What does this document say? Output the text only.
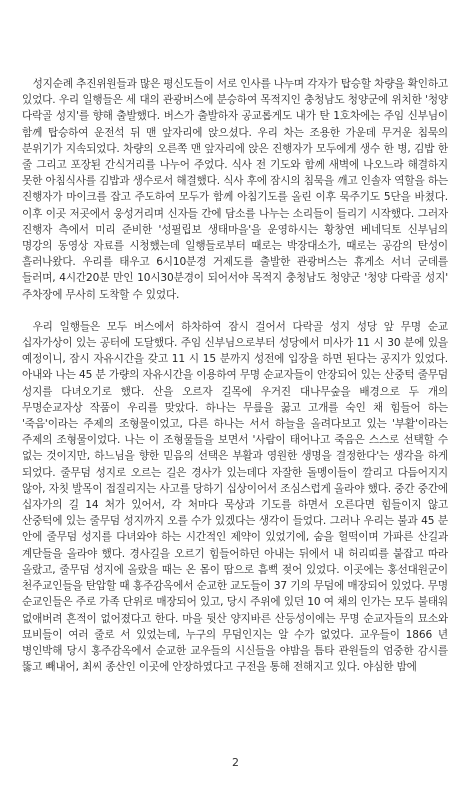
성지순례 추진위원들과 많은 평신도들이 서로 인사를 나누며 각자가 탑승할 차량을 확인하고 있었다. 우리 일행들은 세 대의 관광버스에 분승하여 목적지인 충청남도 청양군에 위치한 '청양 다락골 성지'를 향해 출발했다. 버스가 출발하자 공교롭게도 내가 탄 1호차에는 주임 신부님이 함께 탑승하여 운전석 뒤 맨 앞자리에 앉으셨다. 우리 차는 조용한 가운데 무거운 침묵의 분위기가 지속되었다. 차량의 오른쪽 맨 앞자리에 앉은 진행자가 모두에게 생수 한 병, 김밥 한 줄 그리고 포장된 간식거리를 나누어 주었다. 식사 전 기도와 함께 새벽에 나오느라 해결하지 못한 아침식사를 김밥과 생수로서 해결했다. 식사 후에 잠시의 침묵을 깨고 인솔자 역할을 하는 진행자가 마이크를 잡고 주도하여 모두가 함께 아침기도를 올린 이후 묵주기도 5단을 바쳤다. 이후 이곳 저곳에서 웅성거리며 신자들 간에 담소를 나누는 소리들이 들리기 시작했다. 그러자 진행자 측에서 미리 준비한 '성필립보 생태마을'을 운영하시는 황창연 베네딕토 신부님의 명강의 동영상 자료를 시청했는데 일행들로부터 때로는 박장대소가, 때로는 공감의 탄성이 흘러나왔다. 우리를 태우고 6시10분경 거제도를 출발한 관광버스는 휴게소 서너 군데를 들러며, 4시간20분 만인 10시30분경이 되어서야 목적지 충청남도 청양군 '청양 다락골 성지' 주차장에 무사히 도착할 수 있었다.

우리 일행들은 모두 버스에서 하차하여 잠시 걸어서 다락골 성지 성당 앞 무명 순교 십자가상이 있는 공터에 도달했다. 주임 신부님으로부터 성당에서 미사가 11 시 30 분에 있을 예정이니, 잠시 자유시간을 갖고 11 시 15 분까지 성전에 입장을 하면 된다는 공지가 있었다. 아내와 나는 45 분 가량의 자유시간을 이용하여 무명 순교자들이 안장되어 있는 산중턱 줄무덤 성지를 다녀오기로 했다. 산을 오르자 길목에 우거진 대나무숲을 배경으로 두 개의 무명순교자상 작품이 우리를 맞았다. 하나는 무릎을 꿇고 고개를 숙인 채 힘들어 하는 '죽음'이라는 주제의 조형물이었고, 다른 하나는 서서 하늘을 올려다보고 있는 '부활'이라는 주제의 조형물이었다. 나는 이 조형물들을 보면서 '사람이 태어나고 죽음은 스스로 선택할 수 없는 것이지만, 하느님을 향한 믿음의 선택은 부활과 영원한 생명을 결정한다'는 생각을 하게 되었다. 줄무덤 성지로 오르는 길은 경사가 있는데다 자잘한 돌멩이들이 깔리고 다듬어지지 않아, 자칫 발목이 접질리지는 사고를 당하기 십상이어서 조심스럽게 올라야 했다. 중간 중간에 십자가의 길 14 처가 있어서, 각 처마다 묵상과 기도를 하면서 오른다면 힘들이지 않고 산중턱에 있는 줄무덤 성지까지 오를 수가 있겠다는 생각이 들었다. 그러나 우리는 불과 45 분 안에 줄무덤 성지를 다녀와야 하는 시간적인 제약이 있었기에, 숨을 헐떡이며 가파른 산길과 계단들을 올라야 했다. 경사길을 오르기 힘들어하던 아내는 뒤에서 내 허리띠를 붙잡고 따라 올랐고, 줄무덤 성지에 올랐을 때는 온 몸이 땀으로 흠뻑 젖어 있었다. 이곳에는 홍선대원군이 천주교인들을 탄압할 때 홍주감옥에서 순교한 교도들이 37 기의 무덤에 매장되어 있었다. 무명 순교인들은 주로 가족 단위로 매장되어 있고, 당시 주위에 있던 10 여 채의 인가는 모두 불태워 없애버려 흔적이 없어졌다고 한다. 마을 뒷산 양지바른 산등성이에는 무명 순교자들의 묘소와 묘비들이 여러 줄로 서 있었는데, 누구의 무덤인지는 알 수가 없었다. 교우들이 1866 년 병인박해 당시 홍주감옥에서 순교한 교우들의 시신들을 야밤을 틈타 관원들의 엄중한 감시를 뚫고 빼내어, 최씨 종산인 이곳에 안장하였다고 구전을 통해 전해지고 있다. 야심한 밤에

2
